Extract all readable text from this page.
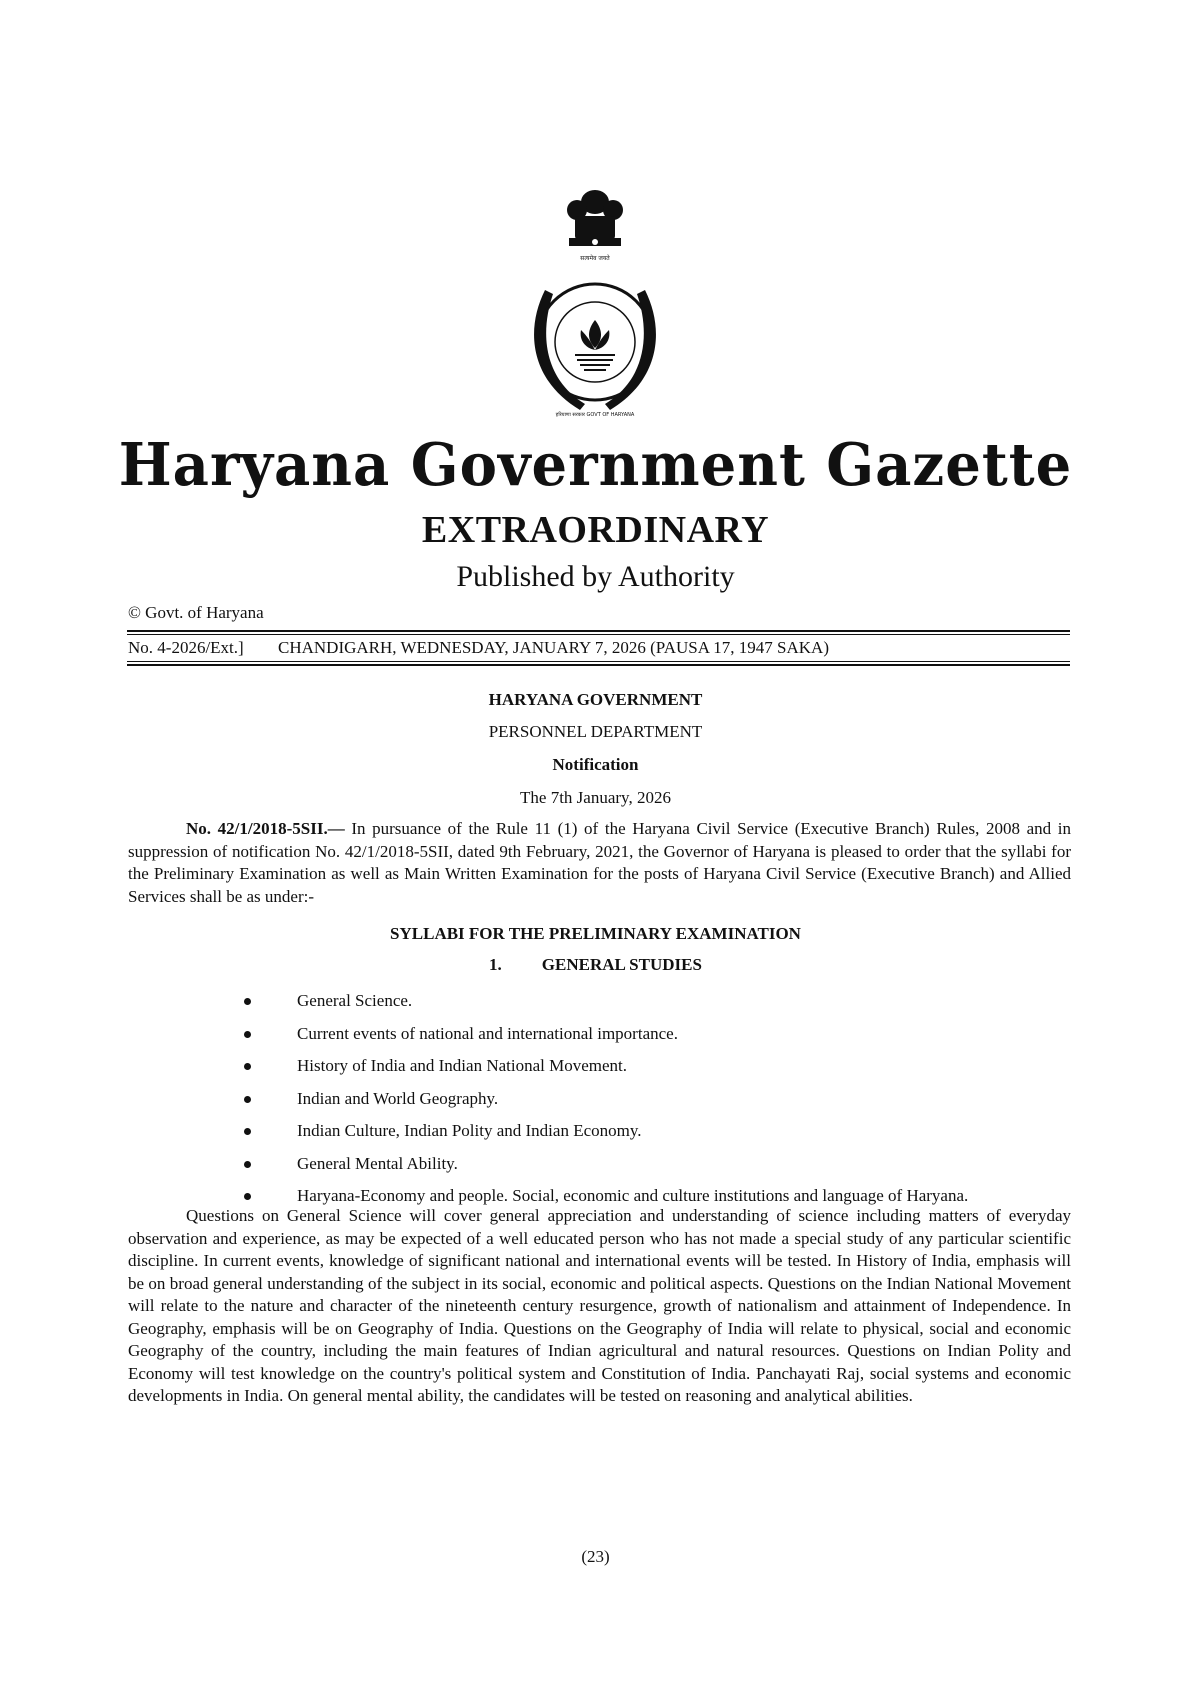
सत्यमेव जयते
हरियाणा सरकार GOVT OF HARYANA
Haryana Government Gazette
EXTRAORDINARY
Published by Authority
© Govt. of Haryana
No. 4-2026/Ext.] CHANDIGARH, WEDNESDAY, JANUARY 7, 2026 (PAUSA 17, 1947 SAKA)
HARYANA GOVERNMENT
PERSONNEL DEPARTMENT
Notification
The 7th January, 2026
No. 42/1/2018-5SII.— In pursuance of the Rule 11 (1) of the Haryana Civil Service (Executive Branch) Rules, 2008 and in suppression of notification No. 42/1/2018-5SII, dated 9th February, 2021, the Governor of Haryana is pleased to order that the syllabi for the Preliminary Examination as well as Main Written Examination for the posts of Haryana Civil Service (Executive Branch) and Allied Services shall be as under:-
SYLLABI FOR THE PRELIMINARY EXAMINATION
1. GENERAL STUDIES
General Science.
Current events of national and international importance.
History of India and Indian National Movement.
Indian and World Geography.
Indian Culture, Indian Polity and Indian Economy.
General Mental Ability.
Haryana-Economy and people. Social, economic and culture institutions and language of Haryana.
Questions on General Science will cover general appreciation and understanding of science including matters of everyday observation and experience, as may be expected of a well educated person who has not made a special study of any particular scientific discipline. In current events, knowledge of significant national and international events will be tested. In History of India, emphasis will be on broad general understanding of the subject in its social, economic and political aspects. Questions on the Indian National Movement will relate to the nature and character of the nineteenth century resurgence, growth of nationalism and attainment of Independence. In Geography, emphasis will be on Geography of India. Questions on the Geography of India will relate to physical, social and economic Geography of the country, including the main features of Indian agricultural and natural resources. Questions on Indian Polity and Economy will test knowledge on the country's political system and Constitution of India. Panchayati Raj, social systems and economic developments in India. On general mental ability, the candidates will be tested on reasoning and analytical abilities.
(23)
